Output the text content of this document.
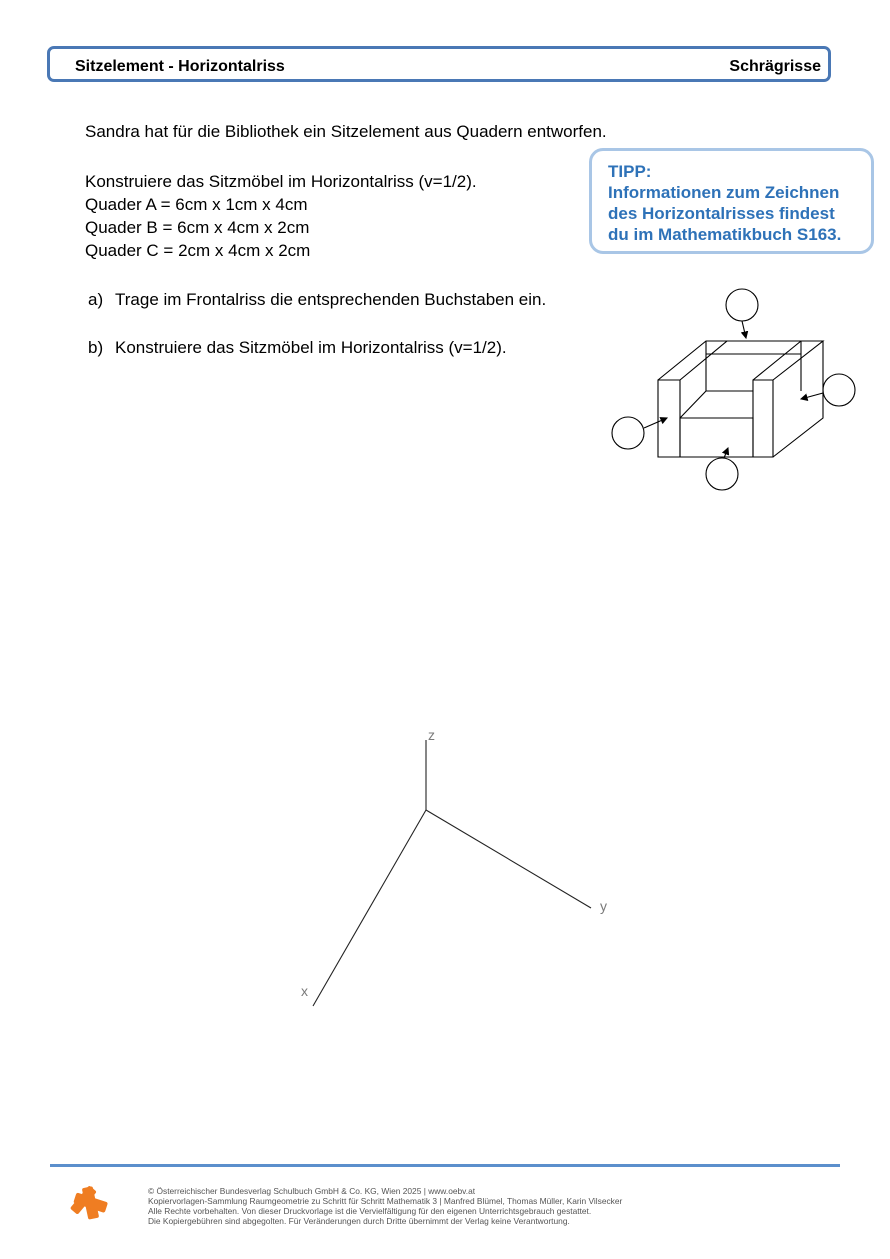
Sitzelement - Horizontalriss	Schrägrisse
Sandra hat für die Bibliothek ein Sitzelement aus Quadern entworfen.
Konstruiere das Sitzmöbel im Horizontalriss (v=1/2).
Quader A = 6cm x 1cm x 4cm
Quader B = 6cm x 4cm x 2cm
Quader C = 2cm x 4cm x 2cm
TIPP:
Informationen zum Zeichnen
des Horizontalrisses findest
du im Mathematikbuch S163.
a) Trage im Frontalriss die entsprechenden Buchstaben ein.
b) Konstruiere das Sitzmöbel im Horizontalriss (v=1/2).
z
y
x
© Österreichischer Bundesverlag Schulbuch GmbH & Co. KG, Wien 2025 | www.oebv.at
Kopiervorlagen-Sammlung Raumgeometrie zu Schritt für Schritt Mathematik 3 | Manfred Blümel, Thomas Müller, Karin Vilsecker
Alle Rechte vorbehalten. Von dieser Druckvorlage ist die Vervielfältigung für den eigenen Unterrichtsgebrauch gestattet.
Die Kopiergebühren sind abgegolten. Für Veränderungen durch Dritte übernimmt der Verlag keine Verantwortung.
